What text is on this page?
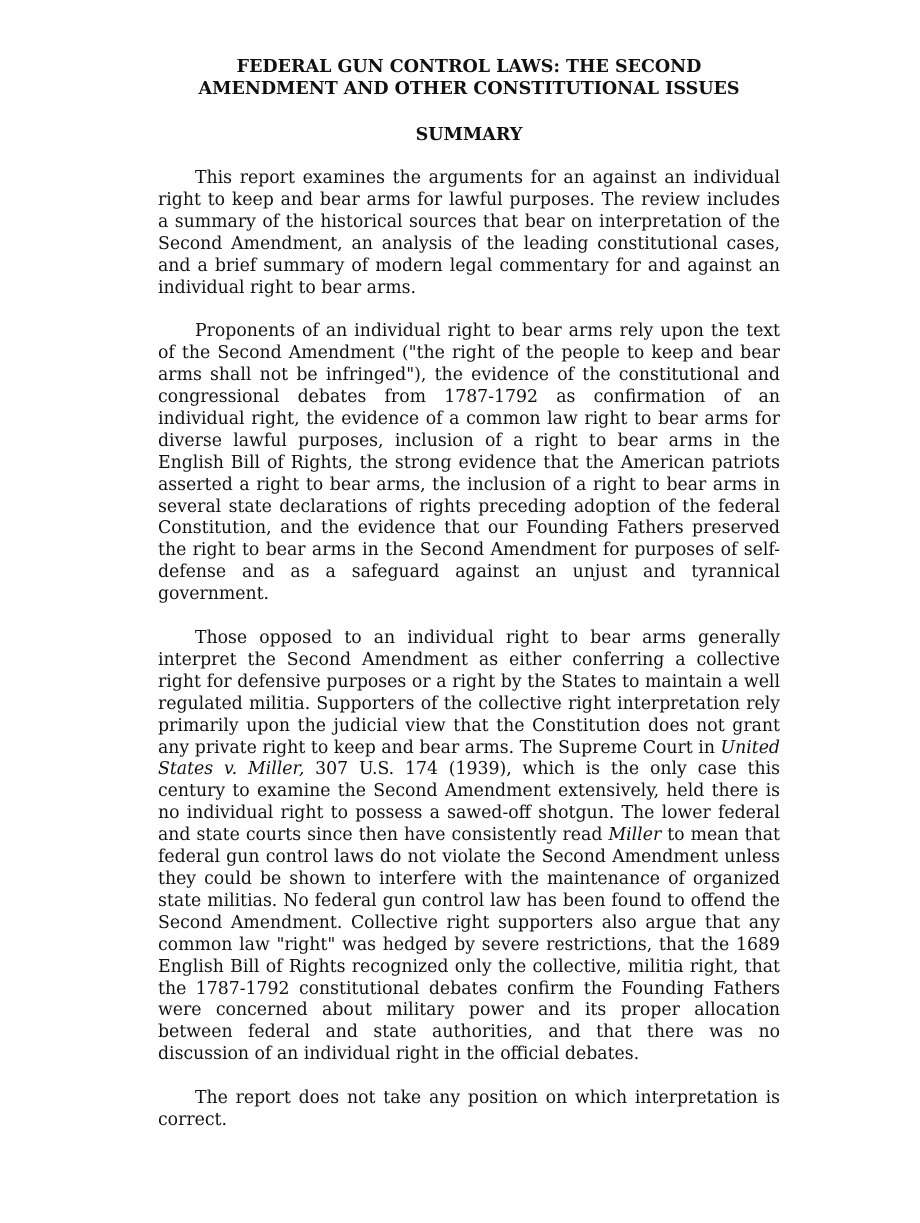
FEDERAL GUN CONTROL LAWS: THE SECOND
AMENDMENT AND OTHER CONSTITUTIONAL ISSUES
SUMMARY

This report examines the arguments for an against an individual right to keep and bear arms for lawful purposes. The review includes a summary of the historical sources that bear on interpretation of the Second Amendment, an analysis of the leading constitutional cases, and a brief summary of modern legal commentary for and against an individual right to bear arms.

Proponents of an individual right to bear arms rely upon the text of the Second Amendment ("the right of the people to keep and bear arms shall not be infringed"), the evidence of the constitutional and congressional debates from 1787-1792 as confirmation of an individual right, the evidence of a common law right to bear arms for diverse lawful purposes, inclusion of a right to bear arms in the English Bill of Rights, the strong evidence that the American patriots asserted a right to bear arms, the inclusion of a right to bear arms in several state declarations of rights preceding adoption of the federal Constitution, and the evidence that our Founding Fathers preserved the right to bear arms in the Second Amendment for purposes of self-defense and as a safeguard against an unjust and tyrannical government.

Those opposed to an individual right to bear arms generally interpret the Second Amendment as either conferring a collective right for defensive purposes or a right by the States to maintain a well regulated militia. Supporters of the collective right interpretation rely primarily upon the judicial view that the Constitution does not grant any private right to keep and bear arms. The Supreme Court in United States v. Miller, 307 U.S. 174 (1939), which is the only case this century to examine the Second Amendment extensively, held there is no individual right to possess a sawed-off shotgun. The lower federal and state courts since then have consistently read Miller to mean that federal gun control laws do not violate the Second Amendment unless they could be shown to interfere with the maintenance of organized state militias. No federal gun control law has been found to offend the Second Amendment. Collective right supporters also argue that any common law "right" was hedged by severe restrictions, that the 1689 English Bill of Rights recognized only the collective, militia right, that the 1787-1792 constitutional debates confirm the Founding Fathers were concerned about military power and its proper allocation between federal and state authorities, and that there was no discussion of an individual right in the official debates.

The report does not take any position on which interpretation is correct.
